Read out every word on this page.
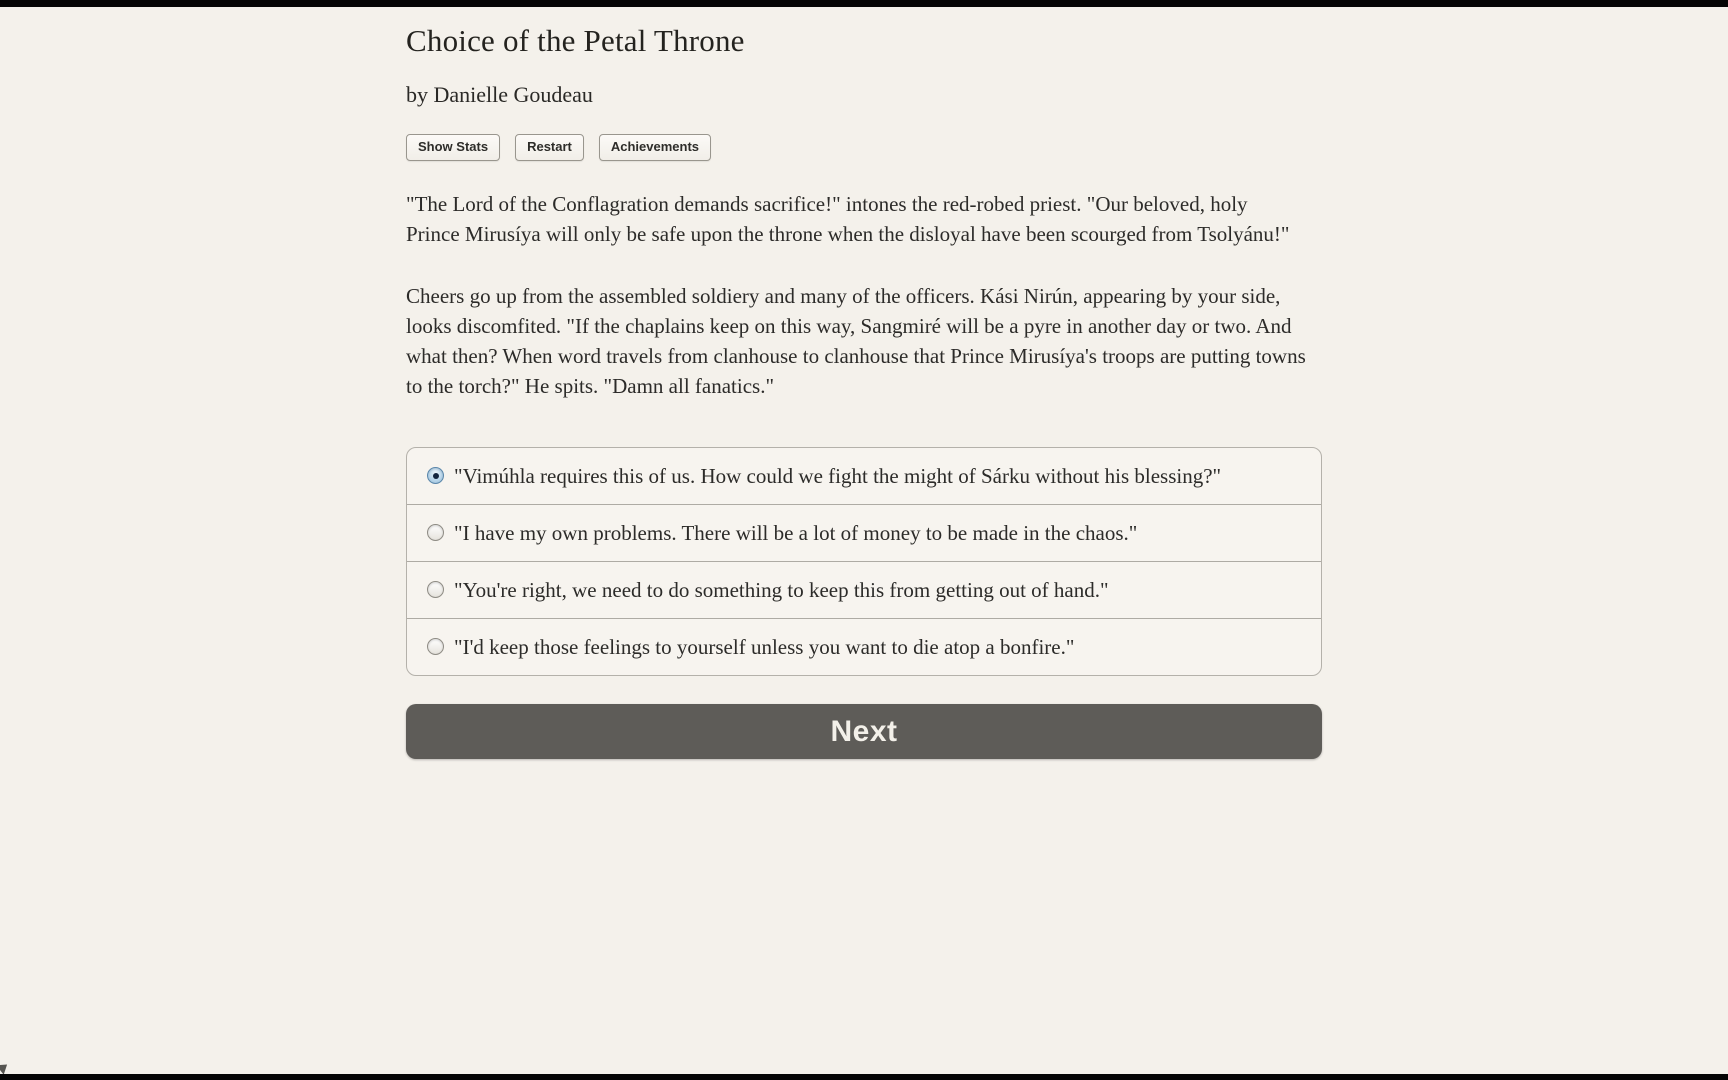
Choice of the Petal Throne
by Danielle Goudeau
Show Stats	Restart	Achievements

"The Lord of the Conflagration demands sacrifice!" intones the red-robed priest. "Our beloved, holy Prince Mirusíya will only be safe upon the throne when the disloyal have been scourged from Tsolyánu!"

Cheers go up from the assembled soldiery and many of the officers. Kási Nirún, appearing by your side, looks discomfited. "If the chaplains keep on this way, Sangmiré will be a pyre in another day or two. And what then? When word travels from clanhouse to clanhouse that Prince Mirusíya's troops are putting towns to the torch?" He spits. "Damn all fanatics."

"Vimúhla requires this of us. How could we fight the might of Sárku without his blessing?"
"I have my own problems. There will be a lot of money to be made in the chaos."
"You're right, we need to do something to keep this from getting out of hand."
"I'd keep those feelings to yourself unless you want to die atop a bonfire."
Next
